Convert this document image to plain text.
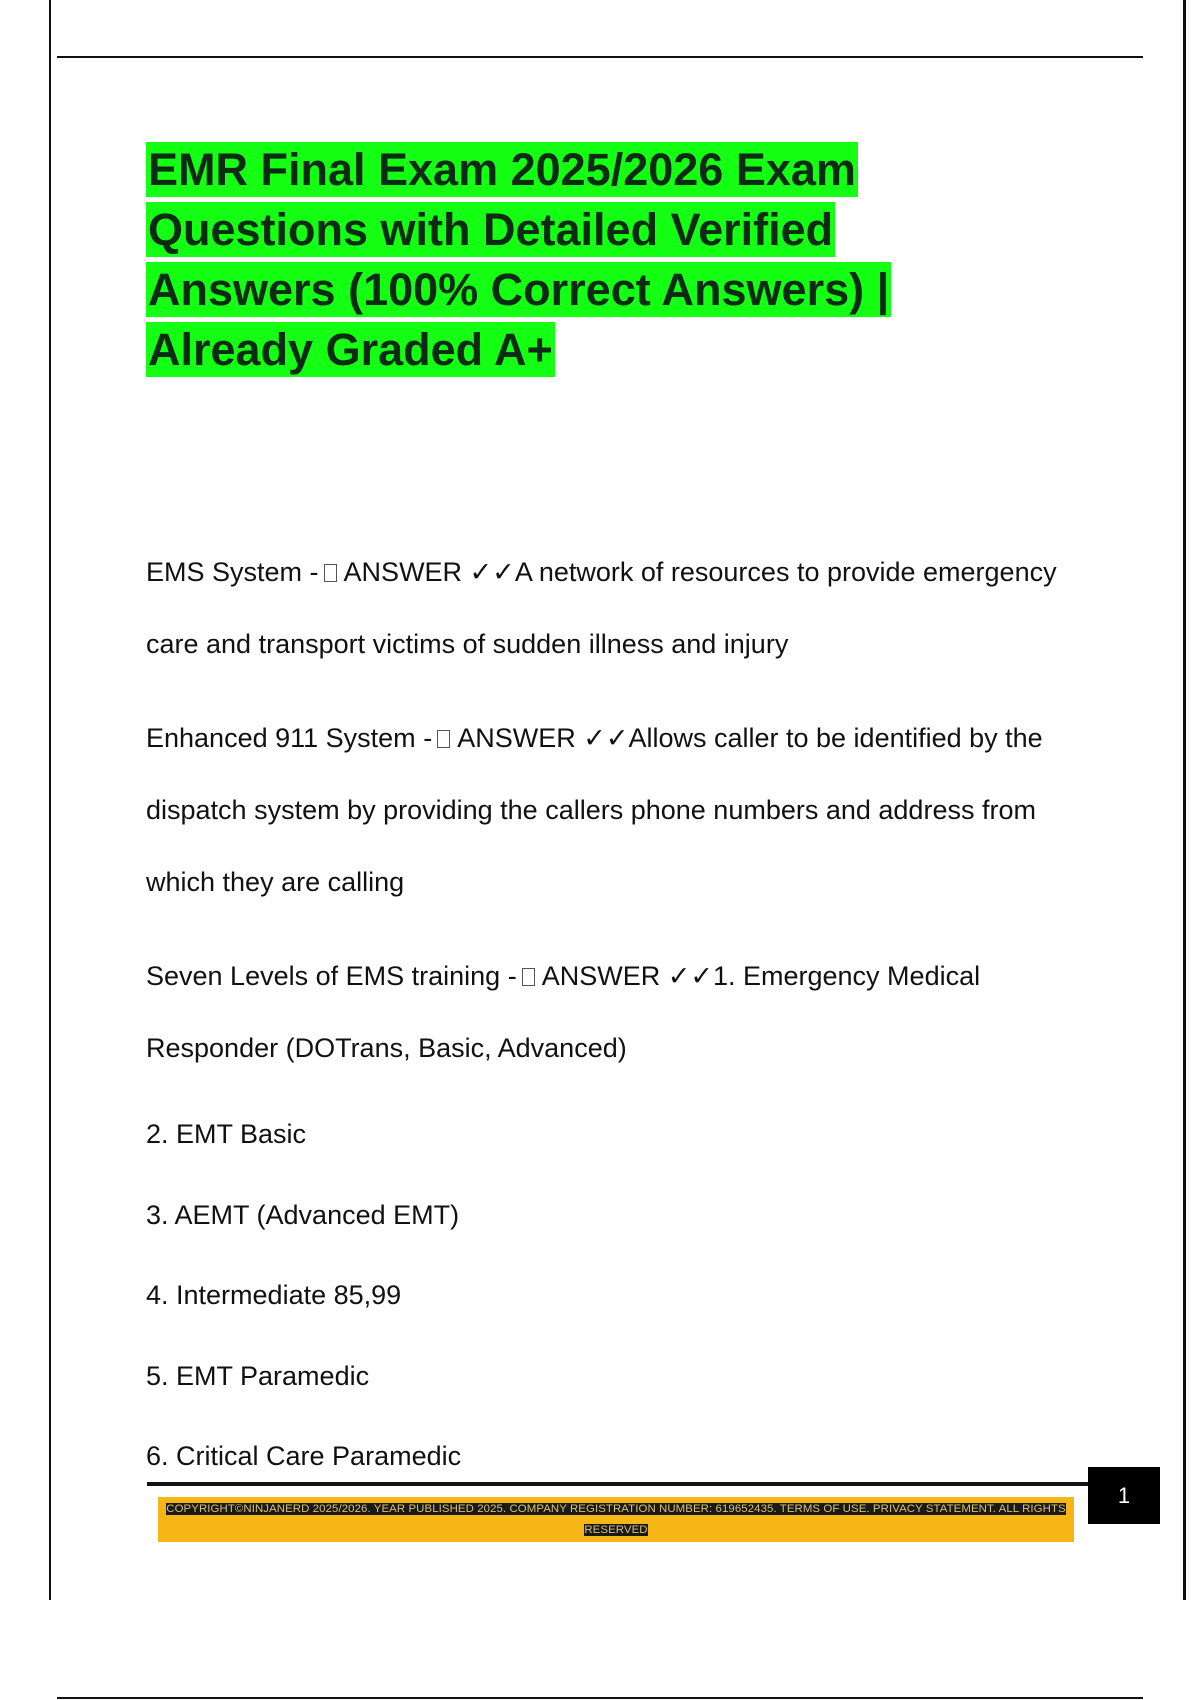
EMR Final Exam 2025/2026 Exam Questions with Detailed Verified Answers (100% Correct Answers) | Already Graded A+

EMS System - ANSWER ✓✓A network of resources to provide emergency care and transport victims of sudden illness and injury

Enhanced 911 System - ANSWER ✓✓Allows caller to be identified by the dispatch system by providing the callers phone numbers and address from which they are calling

Seven Levels of EMS training - ANSWER ✓✓1. Emergency Medical Responder (DOTrans, Basic, Advanced)

2. EMT Basic

3. AEMT (Advanced EMT)

4. Intermediate 85,99

5. EMT Paramedic

6. Critical Care Paramedic

1
COPYRIGHT©NINJANERD 2025/2026. YEAR PUBLISHED 2025. COMPANY REGISTRATION NUMBER: 619652435. TERMS OF USE. PRIVACY STATEMENT. ALL RIGHTS RESERVED
